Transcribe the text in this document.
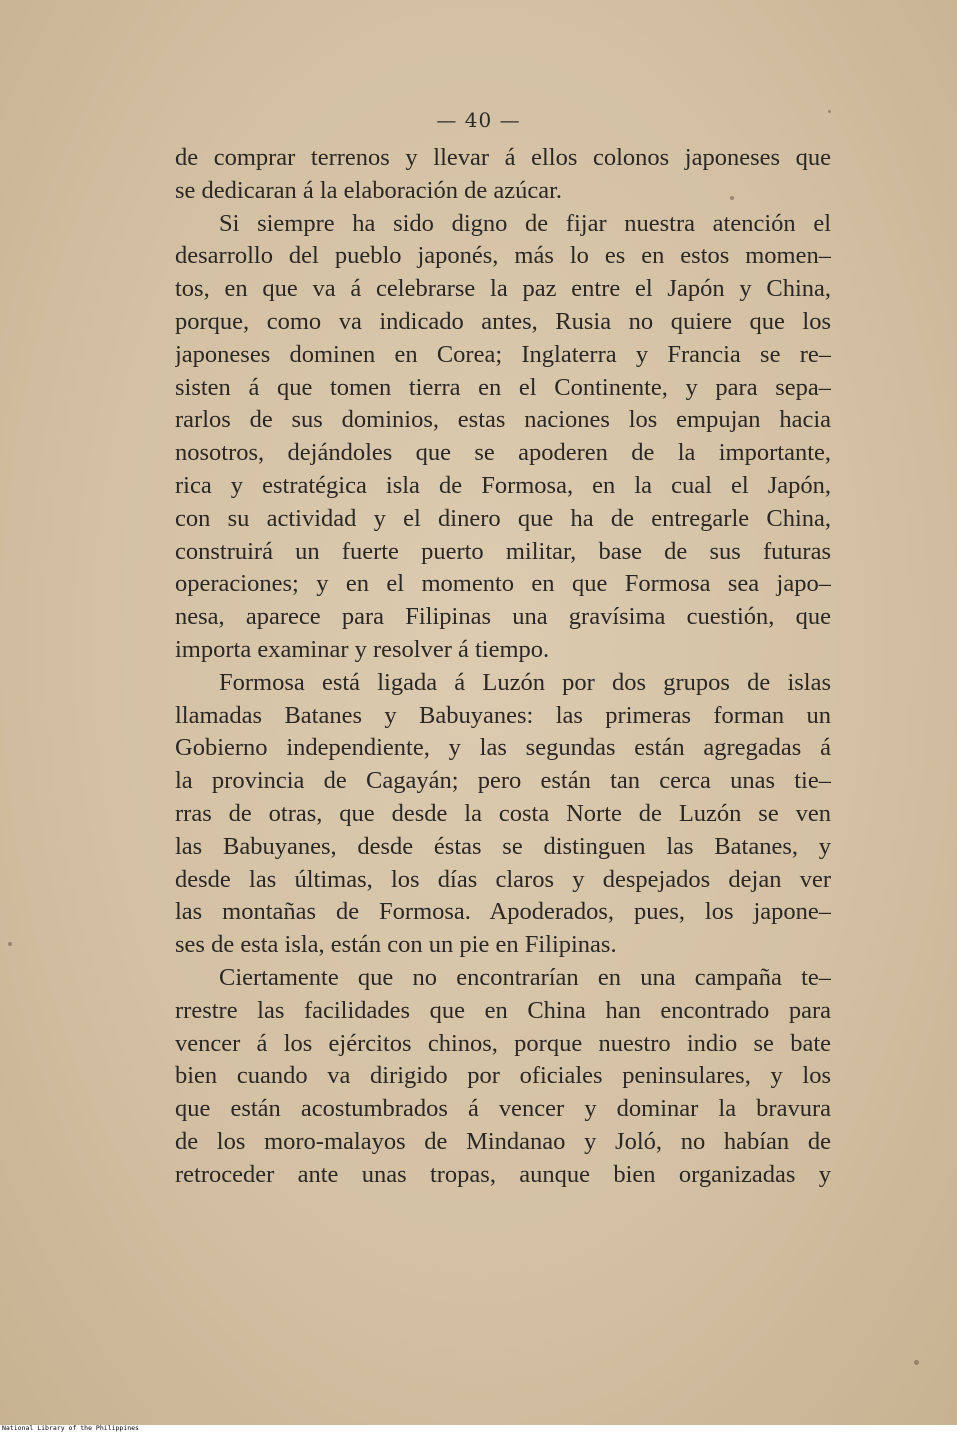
— 40 —
de comprar terrenos y llevar á ellos colonos japoneses que
se dedicaran á la elaboración de azúcar.
Si siempre ha sido digno de fijar nuestra atención el
desarrollo del pueblo japonés, más lo es en estos momen–
tos, en que va á celebrarse la paz entre el Japón y China,
porque, como va indicado antes, Rusia no quiere que los
japoneses dominen en Corea; Inglaterra y Francia se re–
sisten á que tomen tierra en el Continente, y para sepa–
rarlos de sus dominios, estas naciones los empujan hacia
nosotros, dejándoles que se apoderen de la importante,
rica y estratégica isla de Formosa, en la cual el Japón,
con su actividad y el dinero que ha de entregarle China,
construirá un fuerte puerto militar, base de sus futuras
operaciones; y en el momento en que Formosa sea japo–
nesa, aparece para Filipinas una gravísima cuestión, que
importa examinar y resolver á tiempo.
Formosa está ligada á Luzón por dos grupos de islas
llamadas Batanes y Babuyanes: las primeras forman un
Gobierno independiente, y las segundas están agregadas á
la provincia de Cagayán; pero están tan cerca unas tie–
rras de otras, que desde la costa Norte de Luzón se ven
las Babuyanes, desde éstas se distinguen las Batanes, y
desde las últimas, los días claros y despejados dejan ver
las montañas de Formosa. Apoderados, pues, los japone–
ses de esta isla, están con un pie en Filipinas.
Ciertamente que no encontrarían en una campaña te–
rrestre las facilidades que en China han encontrado para
vencer á los ejércitos chinos, porque nuestro indio se bate
bien cuando va dirigido por oficiales peninsulares, y los
que están acostumbrados á vencer y dominar la bravura
de los moro-malayos de Mindanao y Joló, no habían de
retroceder ante unas tropas, aunque bien organizadas y
National Library of the Philippines
